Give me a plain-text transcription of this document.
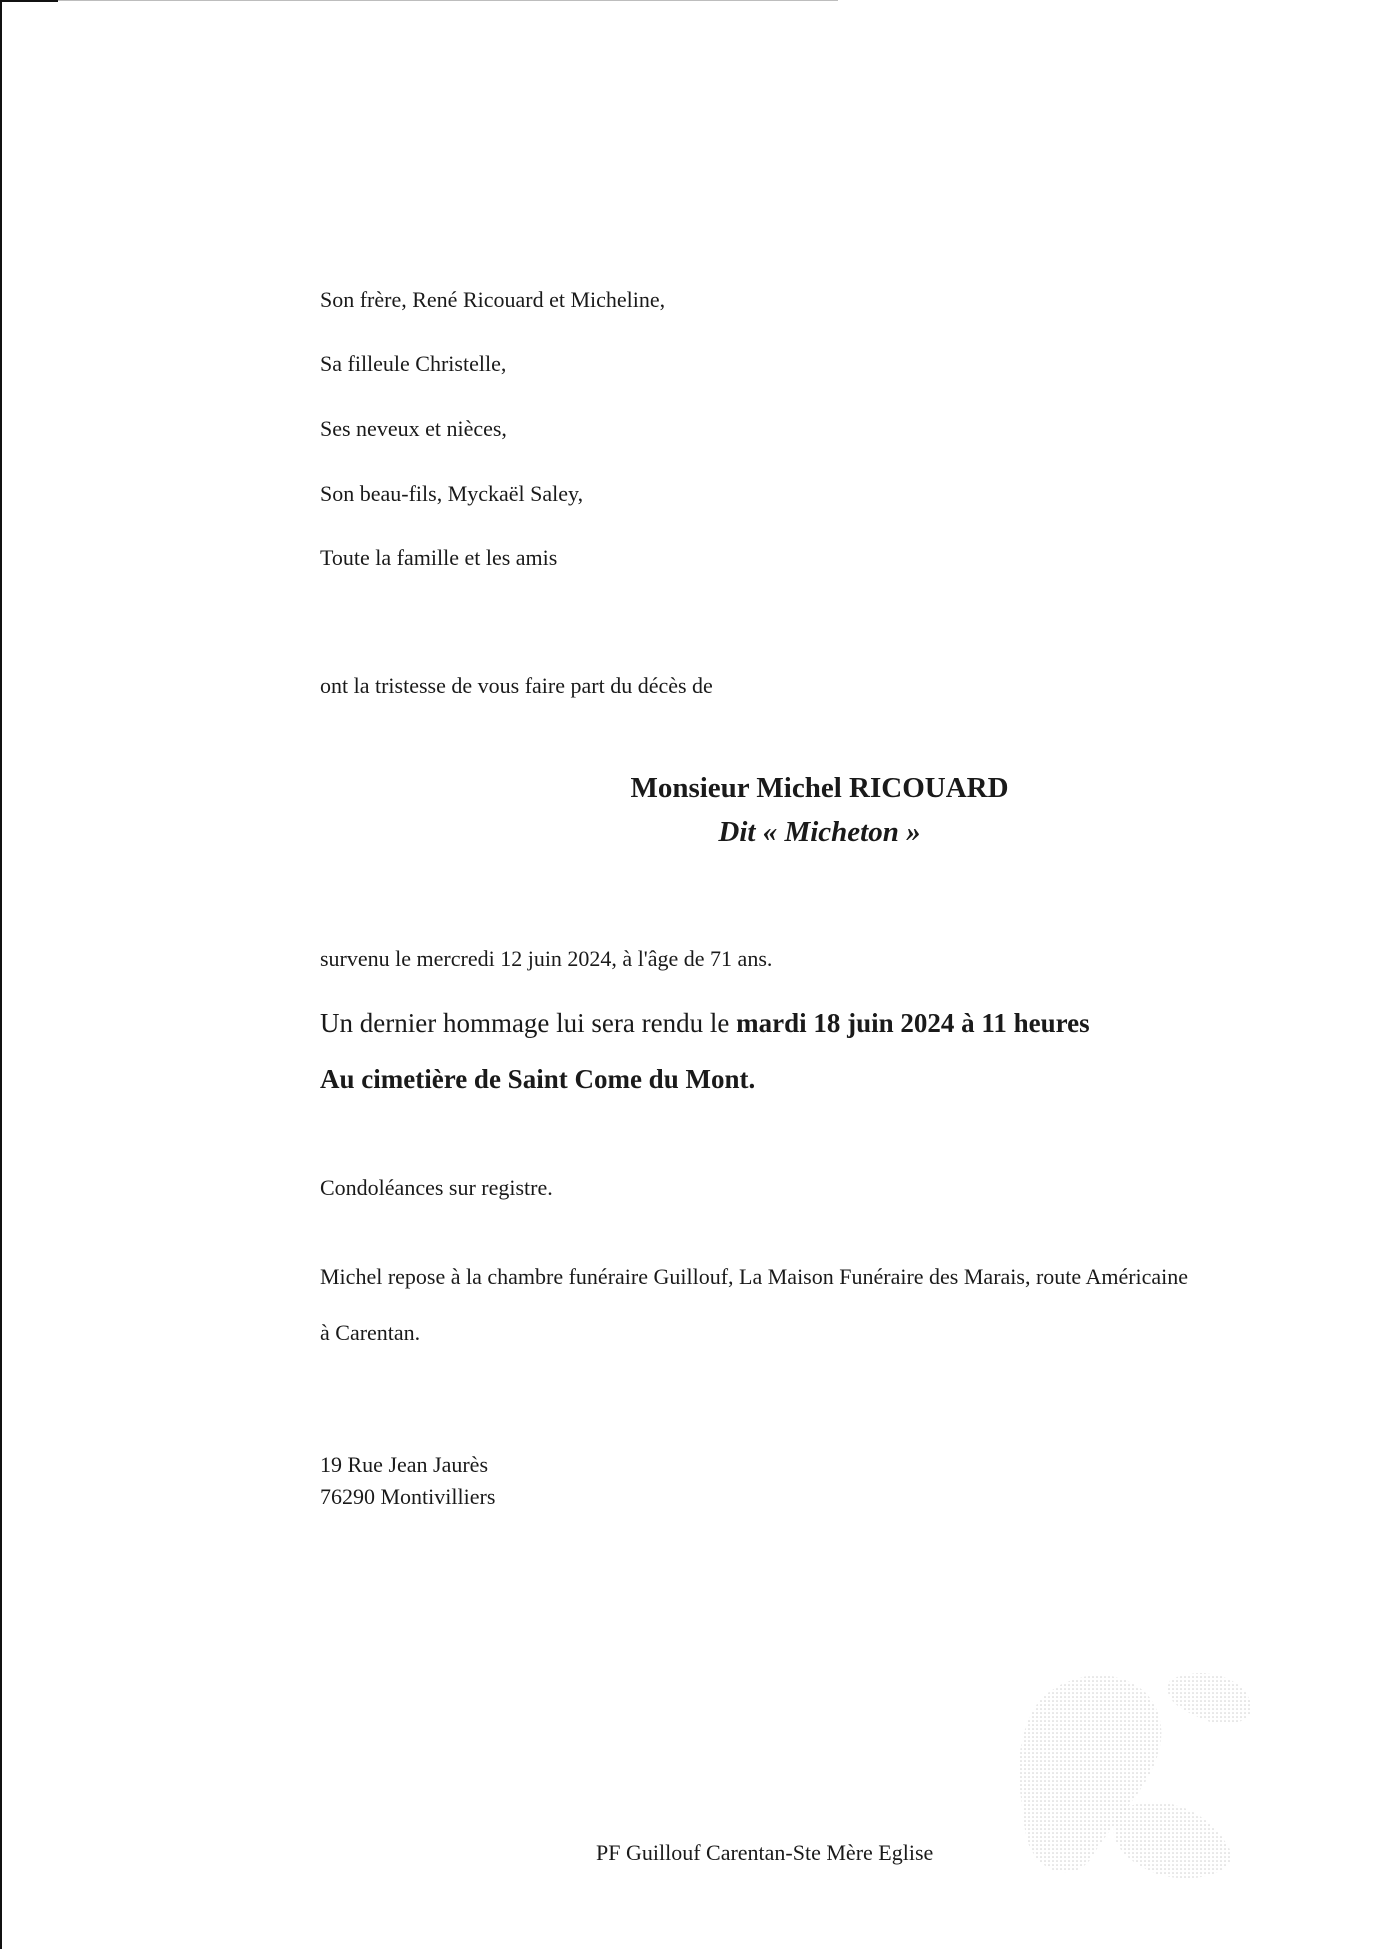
Son frère, René Ricouard et Micheline,
Sa filleule Christelle,
Ses neveux et nièces,
Son beau-fils, Myckaël Saley,
Toute la famille et les amis
ont la tristesse de vous faire part du décès de
Monsieur Michel RICOUARD
Dit « Micheton »
survenu le mercredi 12 juin 2024, à l'âge de 71 ans.
Un dernier hommage lui sera rendu le mardi 18 juin 2024 à 11 heures
Au cimetière de Saint Come du Mont.
Condoléances sur registre.
Michel repose à la chambre funéraire Guillouf, La Maison Funéraire des Marais, route Américaine
à Carentan.
19 Rue Jean Jaurès
76290 Montivilliers
PF Guillouf Carentan-Ste Mère Eglise
